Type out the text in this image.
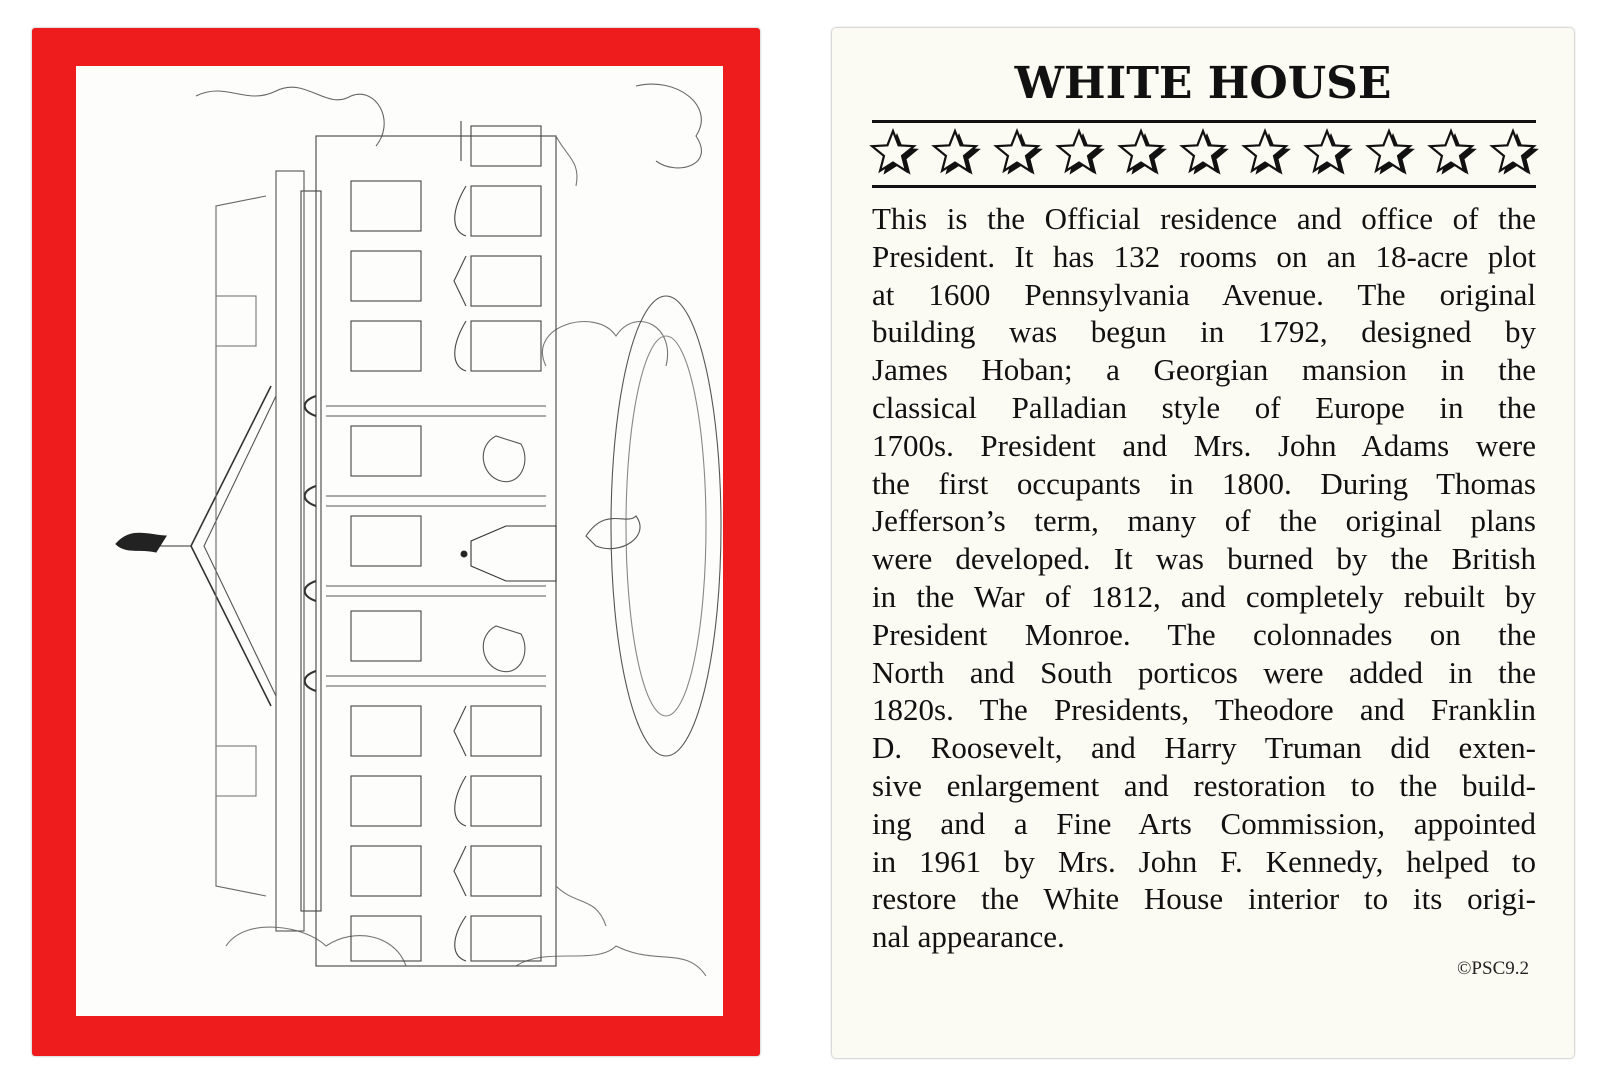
WHITE HOUSE

This is the Official residence and office of the
President. It has 132 rooms on an 18-acre plot
at 1600 Pennsylvania Avenue. The original
building was begun in 1792, designed by
James Hoban; a Georgian mansion in the
classical Palladian style of Europe in the
1700s. President and Mrs. John Adams were
the first occupants in 1800. During Thomas
Jefferson’s term, many of the original plans
were developed. It was burned by the British
in the War of 1812, and completely rebuilt by
President Monroe. The colonnades on the
North and South porticos were added in the
1820s. The Presidents, Theodore and Franklin
D. Roosevelt, and Harry Truman did exten-
sive enlargement and restoration to the build-
ing and a Fine Arts Commission, appointed
in 1961 by Mrs. John F. Kennedy, helped to
restore the White House interior to its origi-
nal appearance.

©PSC9.2
